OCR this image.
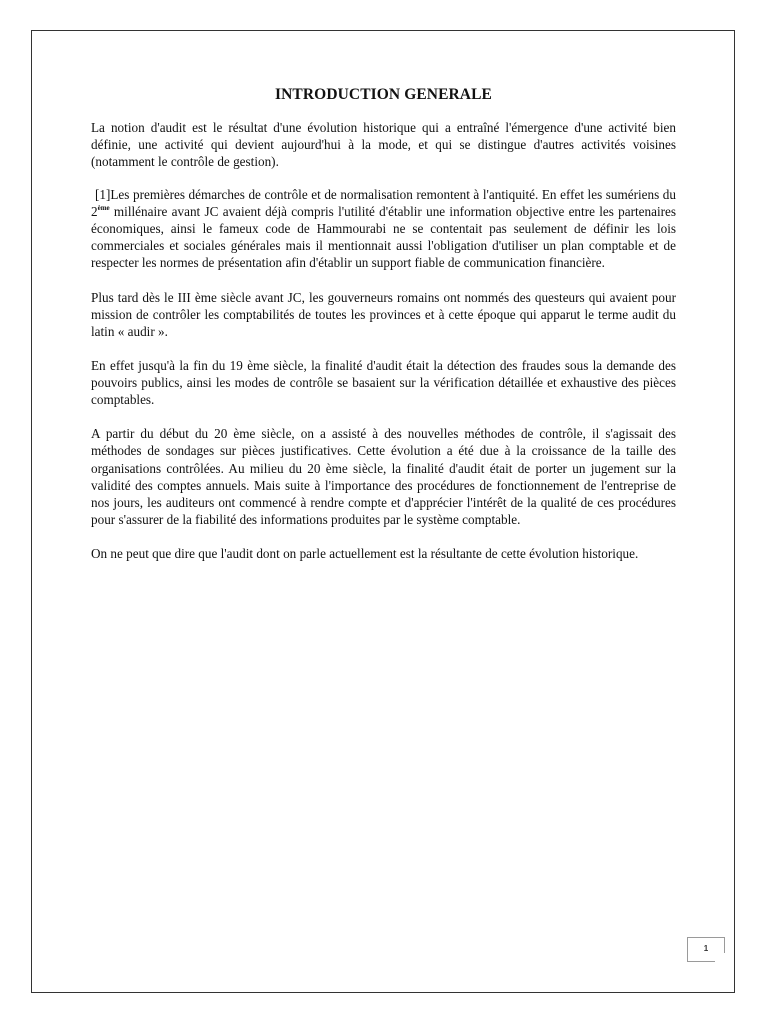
INTRODUCTION GENERALE

La notion d'audit est le résultat d'une évolution historique qui a entraîné l'émergence d'une activité bien définie, une activité qui devient aujourd'hui à la mode, et qui se distingue d'autres activités voisines (notamment le contrôle de gestion).

[1]Les premières démarches de contrôle et de normalisation remontent à l'antiquité. En effet les sumériens du 2ème millénaire avant JC avaient déjà compris l'utilité d'établir une information objective entre les partenaires économiques, ainsi le fameux code de Hammourabi ne se contentait pas seulement de définir les lois commerciales et sociales générales mais il mentionnait aussi l'obligation d'utiliser un plan comptable et de respecter les normes de présentation afin d'établir un support fiable de communication financière.

Plus tard dès le III ème siècle avant JC, les gouverneurs romains ont nommés des questeurs qui avaient pour mission de contrôler les comptabilités de toutes les provinces et à cette époque qui apparut le terme audit du latin « audir ».

En effet jusqu'à la fin du 19 ème siècle, la finalité d'audit était la détection des fraudes sous la demande des pouvoirs publics, ainsi les modes de contrôle se basaient sur la vérification détaillée et exhaustive des pièces comptables.

A partir du début du 20 ème siècle, on a assisté à des nouvelles méthodes de contrôle, il s'agissait des méthodes de sondages sur pièces justificatives. Cette évolution a été due à la croissance de la taille des organisations contrôlées. Au milieu du 20 ème siècle, la finalité d'audit était de porter un jugement sur la validité des comptes annuels. Mais suite à l'importance des procédures de fonctionnement de l'entreprise de nos jours, les auditeurs ont commencé à rendre compte et d'apprécier l'intérêt de la qualité de ces procédures pour s'assurer de la fiabilité des informations produites par le système comptable.

On ne peut que dire que l'audit dont on parle actuellement est la résultante de cette évolution historique.

1
